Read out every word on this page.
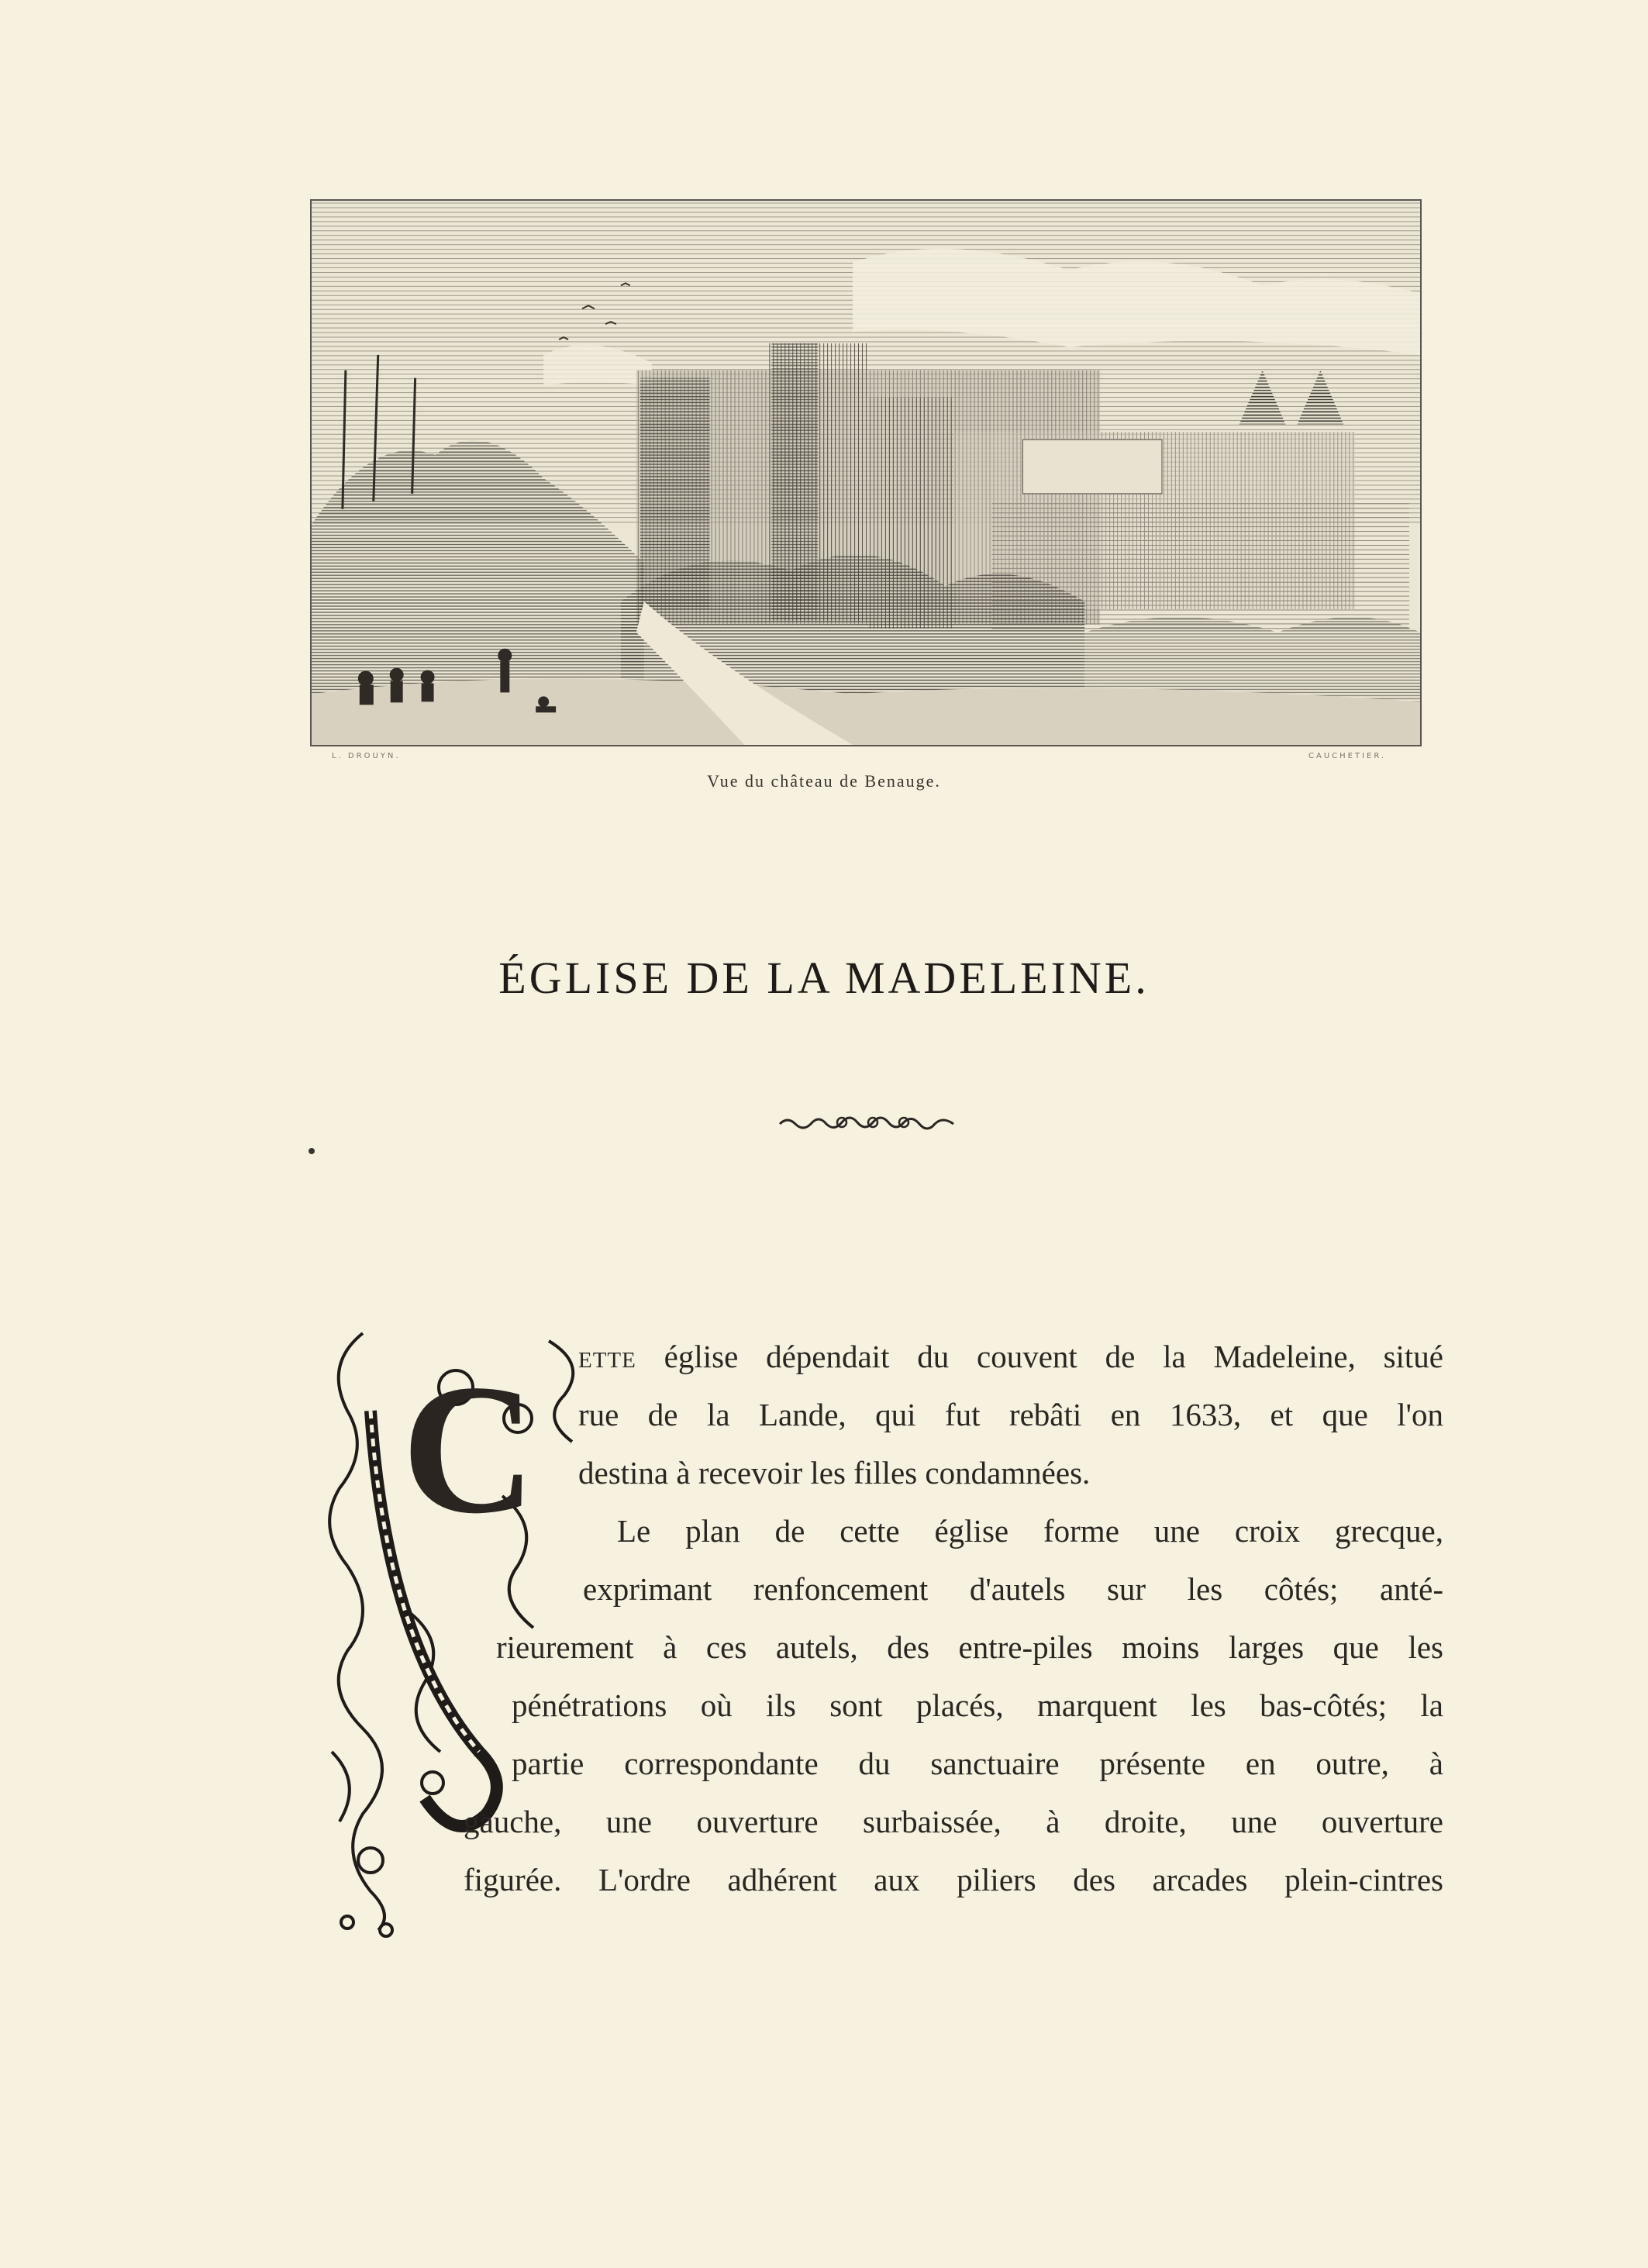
L. DROUYN.	CAUCHETIER.
Vue du château de Benauge.
ÉGLISE DE LA MADELEINE.
C ette église dépendait du couvent de la Madeleine, situé
rue de la Lande, qui fut rebâti en 1633, et que l'on
destina à recevoir les filles condamnées.
Le plan de cette église forme une croix grecque,
exprimant renfoncement d'autels sur les côtés; anté-
rieurement à ces autels, des entre-piles moins larges que les
pénétrations où ils sont placés, marquent les bas-côtés; la
partie correspondante du sanctuaire présente en outre, à
gauche, une ouverture surbaissée, à droite, une ouverture
figurée. L'ordre adhérent aux piliers des arcades plein-cintres
